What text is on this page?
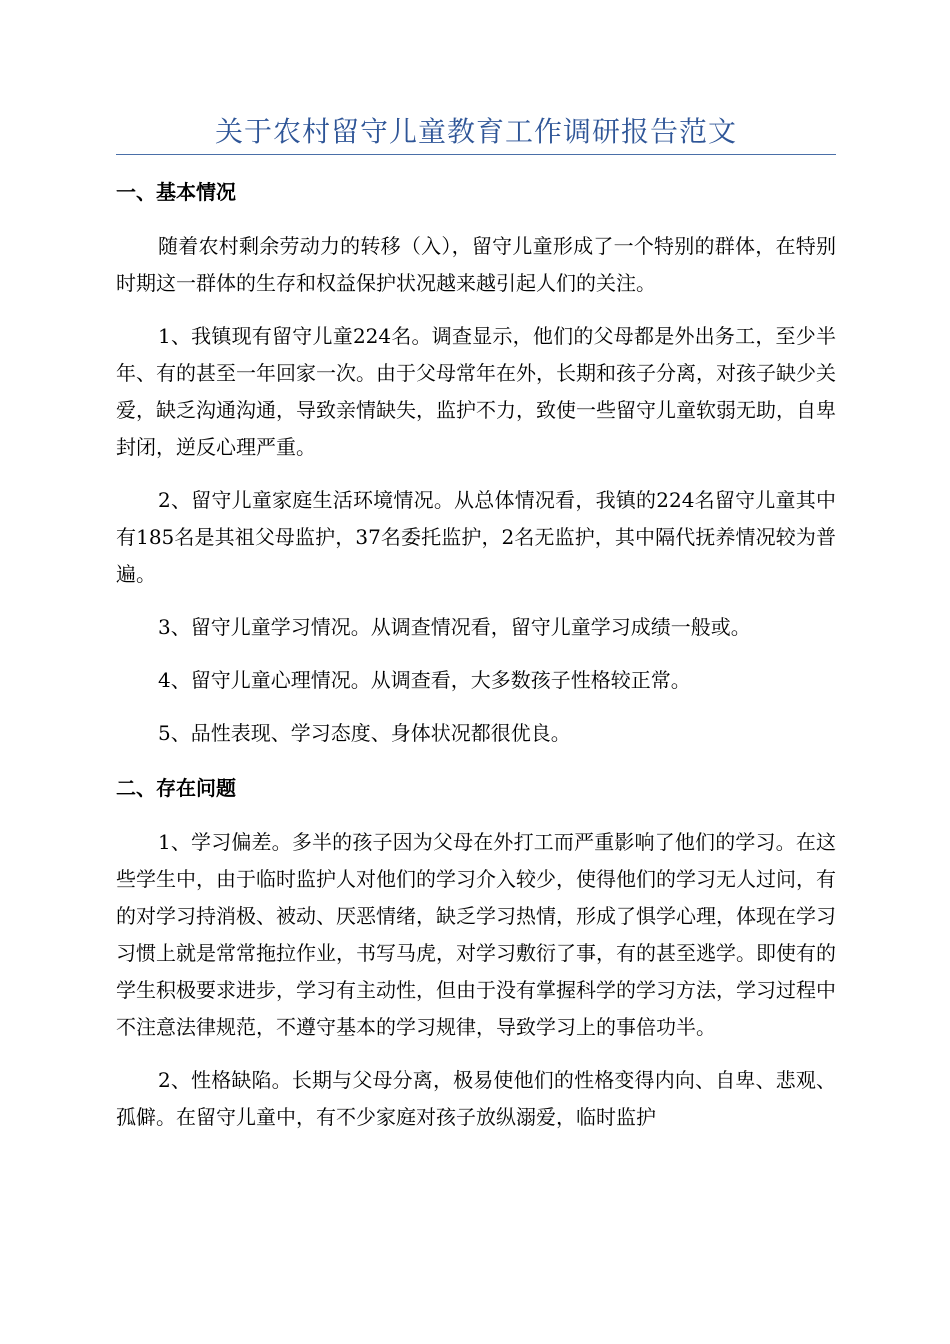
关于农村留守儿童教育工作调研报告范文
一、基本情况

随着农村剩余劳动力的转移（入），留守儿童形成了一个特别的群体，在特别时期这一群体的生存和权益保护状况越来越引起人们的关注。

1、我镇现有留守儿童224名。调查显示，他们的父母都是外出务工，至少半年、有的甚至一年回家一次。由于父母常年在外，长期和孩子分离，对孩子缺少关爱，缺乏沟通沟通，导致亲情缺失，监护不力，致使一些留守儿童软弱无助，自卑封闭，逆反心理严重。

2、留守儿童家庭生活环境情况。从总体情况看，我镇的224名留守儿童其中有185名是其祖父母监护，37名委托监护，2名无监护，其中隔代抚养情况较为普遍。

3、留守儿童学习情况。从调查情况看，留守儿童学习成绩一般或。

4、留守儿童心理情况。从调查看，大多数孩子性格较正常。

5、品性表现、学习态度、身体状况都很优良。

二、存在问题

1、学习偏差。多半的孩子因为父母在外打工而严重影响了他们的学习。在这些学生中，由于临时监护人对他们的学习介入较少，使得他们的学习无人过问，有的对学习持消极、被动、厌恶情绪，缺乏学习热情，形成了惧学心理，体现在学习习惯上就是常常拖拉作业，书写马虎，对学习敷衍了事，有的甚至逃学。即使有的学生积极要求进步，学习有主动性，但由于没有掌握科学的学习方法，学习过程中不注意法律规范，不遵守基本的学习规律，导致学习上的事倍功半。

2、性格缺陷。长期与父母分离，极易使他们的性格变得内向、自卑、悲观、孤僻。在留守儿童中，有不少家庭对孩子放纵溺爱，临时监护
